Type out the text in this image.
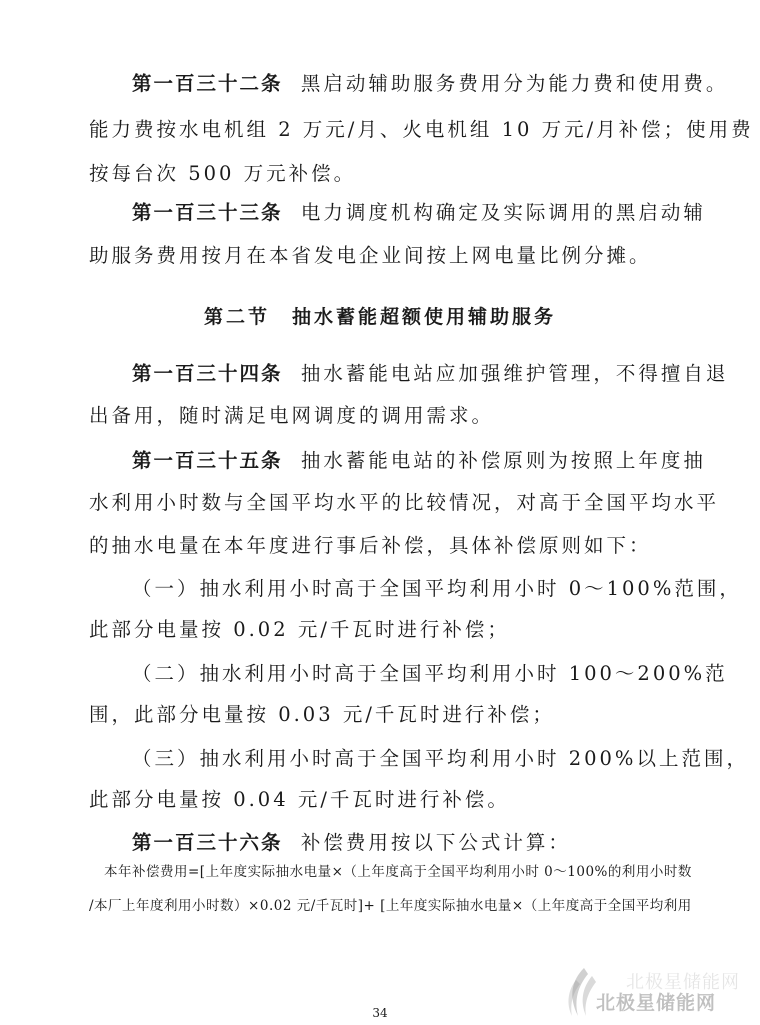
第一百三十二条 黑启动辅助服务费用分为能力费和使用费。
能力费按水电机组 2 万元/月、火电机组 10 万元/月补偿；使用费
按每台次 500 万元补偿。
第一百三十三条 电力调度机构确定及实际调用的黑启动辅
助服务费用按月在本省发电企业间按上网电量比例分摊。
第二节　抽水蓄能超额使用辅助服务
第一百三十四条 抽水蓄能电站应加强维护管理，不得擅自退
出备用，随时满足电网调度的调用需求。
第一百三十五条 抽水蓄能电站的补偿原则为按照上年度抽
水利用小时数与全国平均水平的比较情况，对高于全国平均水平
的抽水电量在本年度进行事后补偿，具体补偿原则如下：
（一）抽水利用小时高于全国平均利用小时 0～100%范围，
此部分电量按 0.02 元/千瓦时进行补偿；
（二）抽水利用小时高于全国平均利用小时 100～200%范
围，此部分电量按 0.03 元/千瓦时进行补偿；
（三）抽水利用小时高于全国平均利用小时 200%以上范围，
此部分电量按 0.04 元/千瓦时进行补偿。
第一百三十六条 补偿费用按以下公式计算：
本年补偿费用=[上年度实际抽水电量×（上年度高于全国平均利用小时 0～100%的利用小时数
/本厂上年度利用小时数）×0.02 元/千瓦时]+ [上年度实际抽水电量×（上年度高于全国平均利用
34
北极星储能网
北极星储能网
